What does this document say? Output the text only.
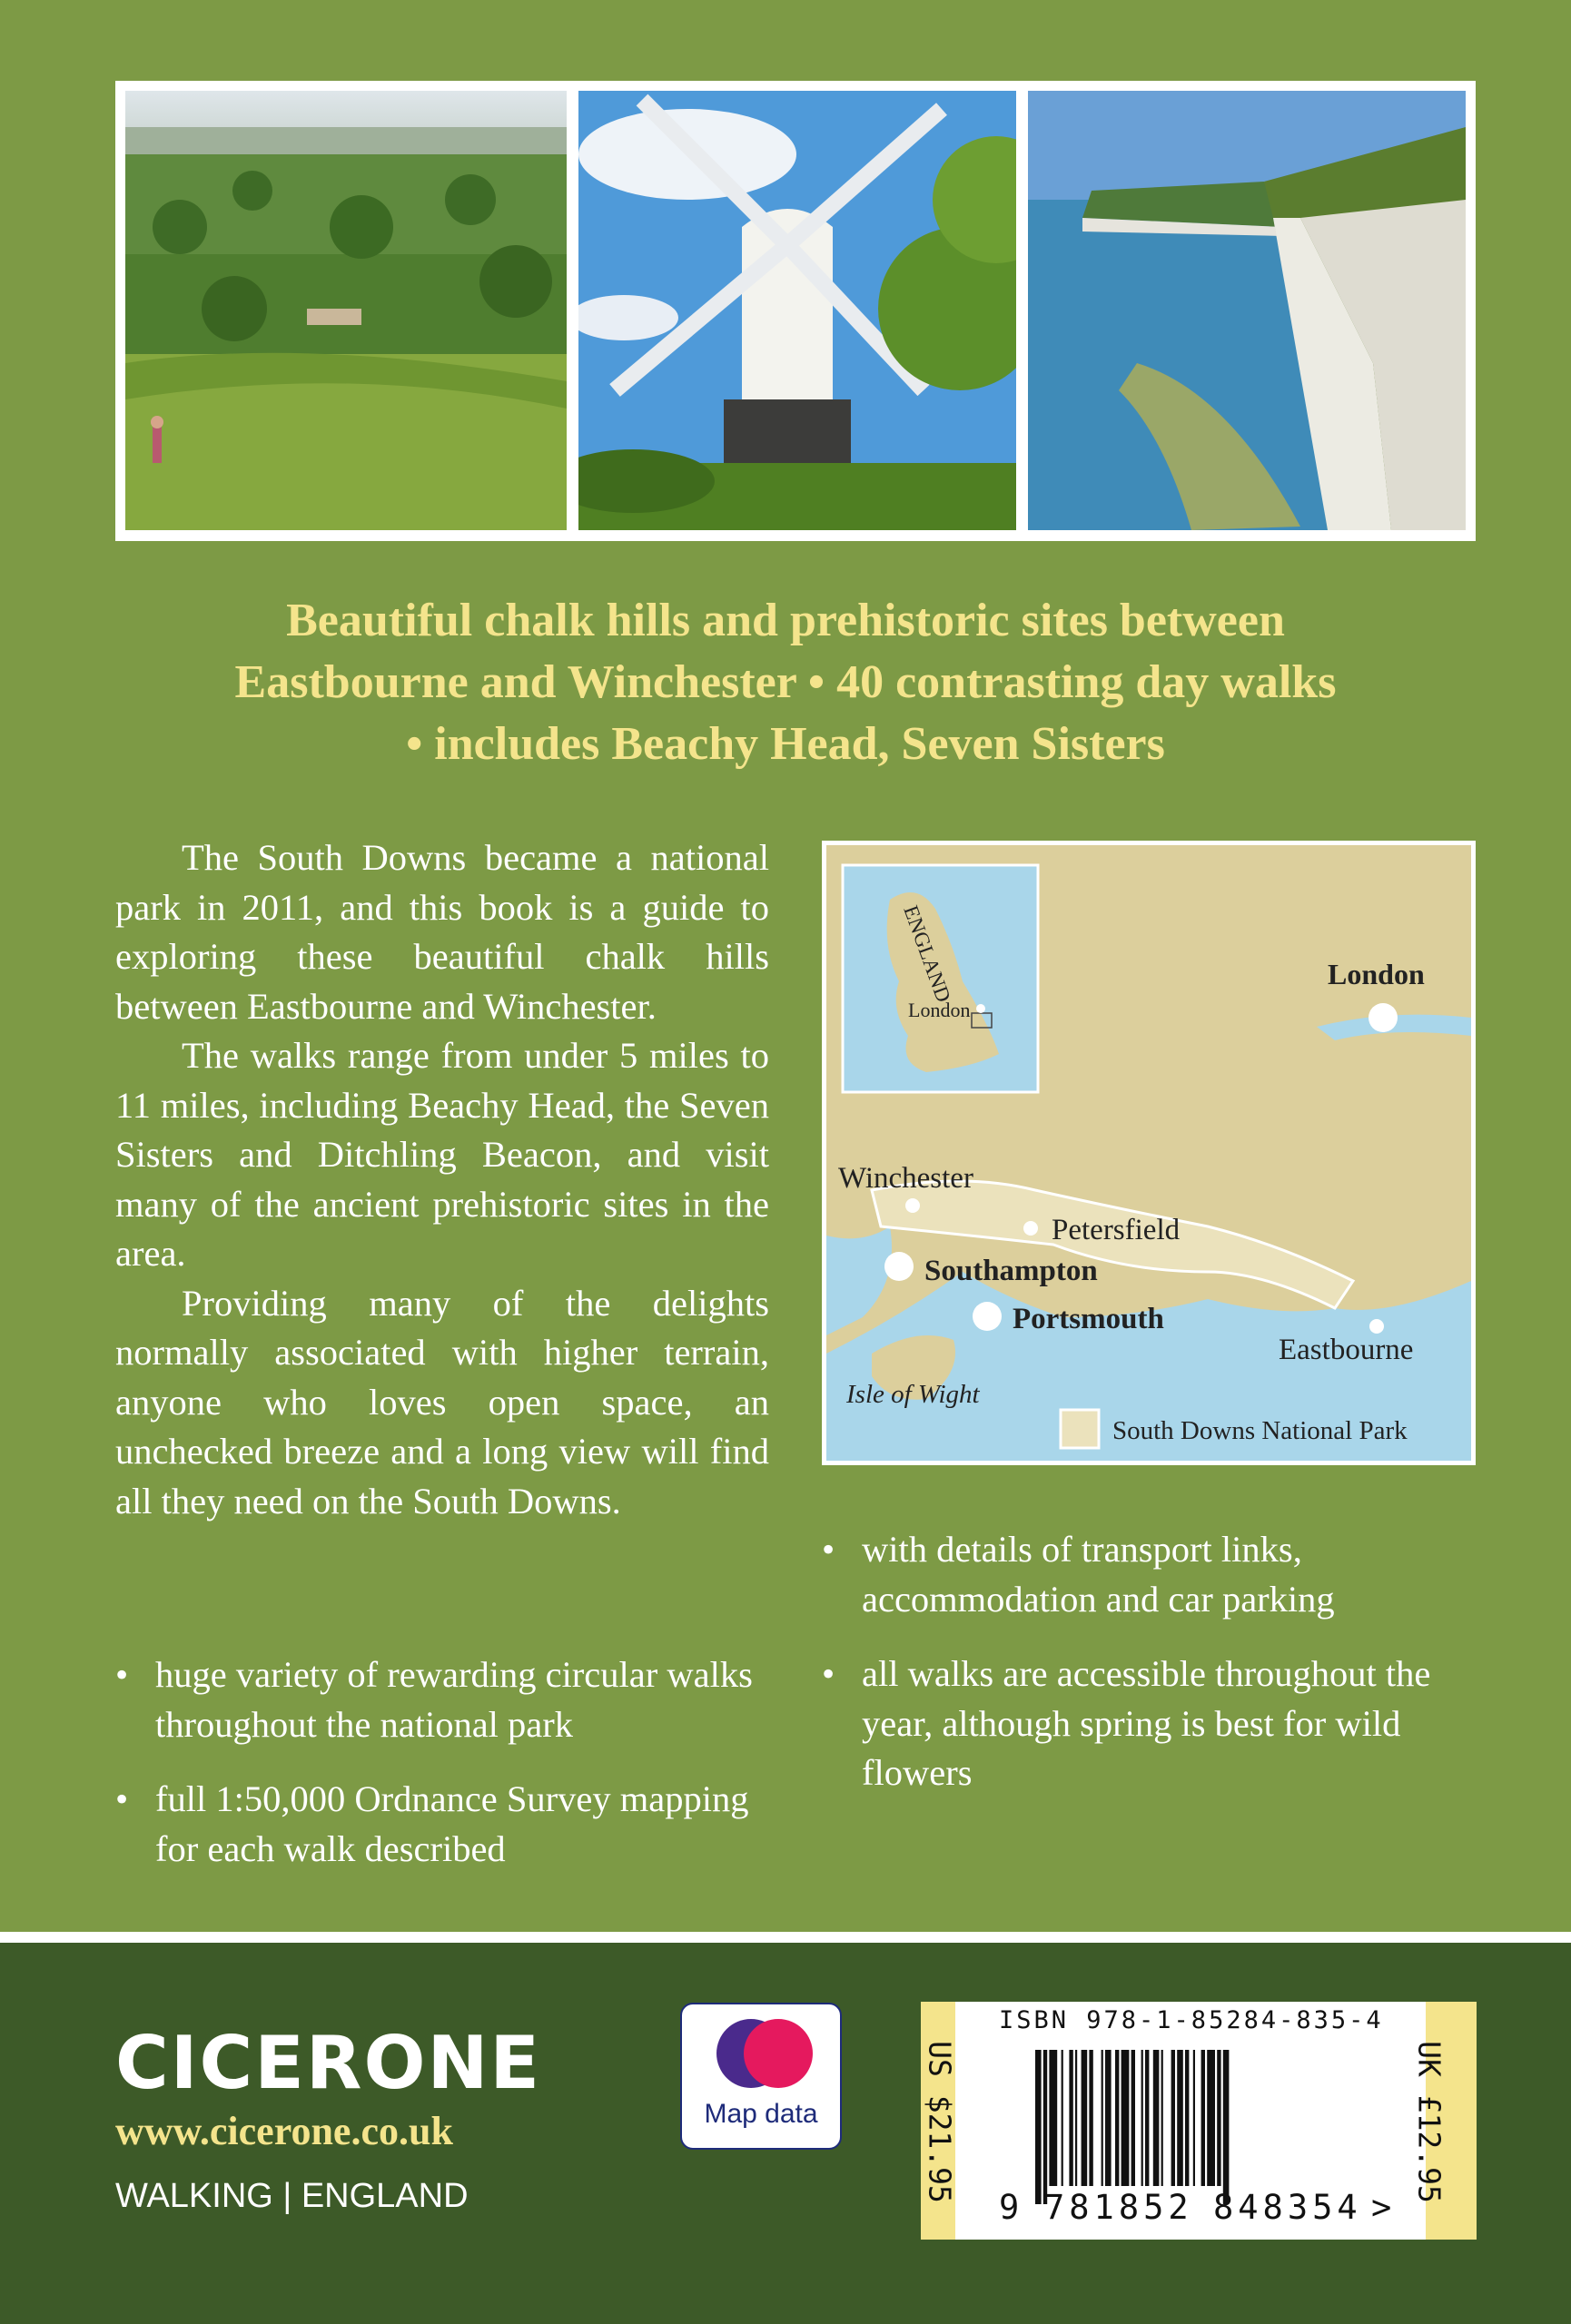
Beautiful chalk hills and prehistoric sites between
Eastbourne and Winchester • 40 contrasting day walks
• includes Beachy Head, Seven Sisters

The South Downs became a national park in 2011, and this book is a guide to exploring these beautiful chalk hills between Eastbourne and Winchester.

The walks range from under 5 miles to 11 miles, including Beachy Head, the Seven Sisters and Ditchling Beacon, and visit many of the ancient prehistoric sites in the area.

Providing many of the delights normally associated with higher terrain, anyone who loves open space, an unchecked breeze and a long view will find all they need on the South Downs.

• huge variety of rewarding circular walks throughout the national park
• full 1:50,000 Ordnance Survey mapping for each walk described
ENGLAND
London
London
Winchester
Petersfield
Southampton
Portsmouth
Eastbourne
Isle of Wight
South Downs National Park
• with details of transport links, accommodation and car parking
• all walks are accessible throughout the year, although spring is best for wild flowers
CICERONE
www.cicerone.co.uk
WALKING | ENGLAND
Map data	US $21.95	UK £12.95
ISBN 978-1-85284-835-4
9 781852 848354 >
